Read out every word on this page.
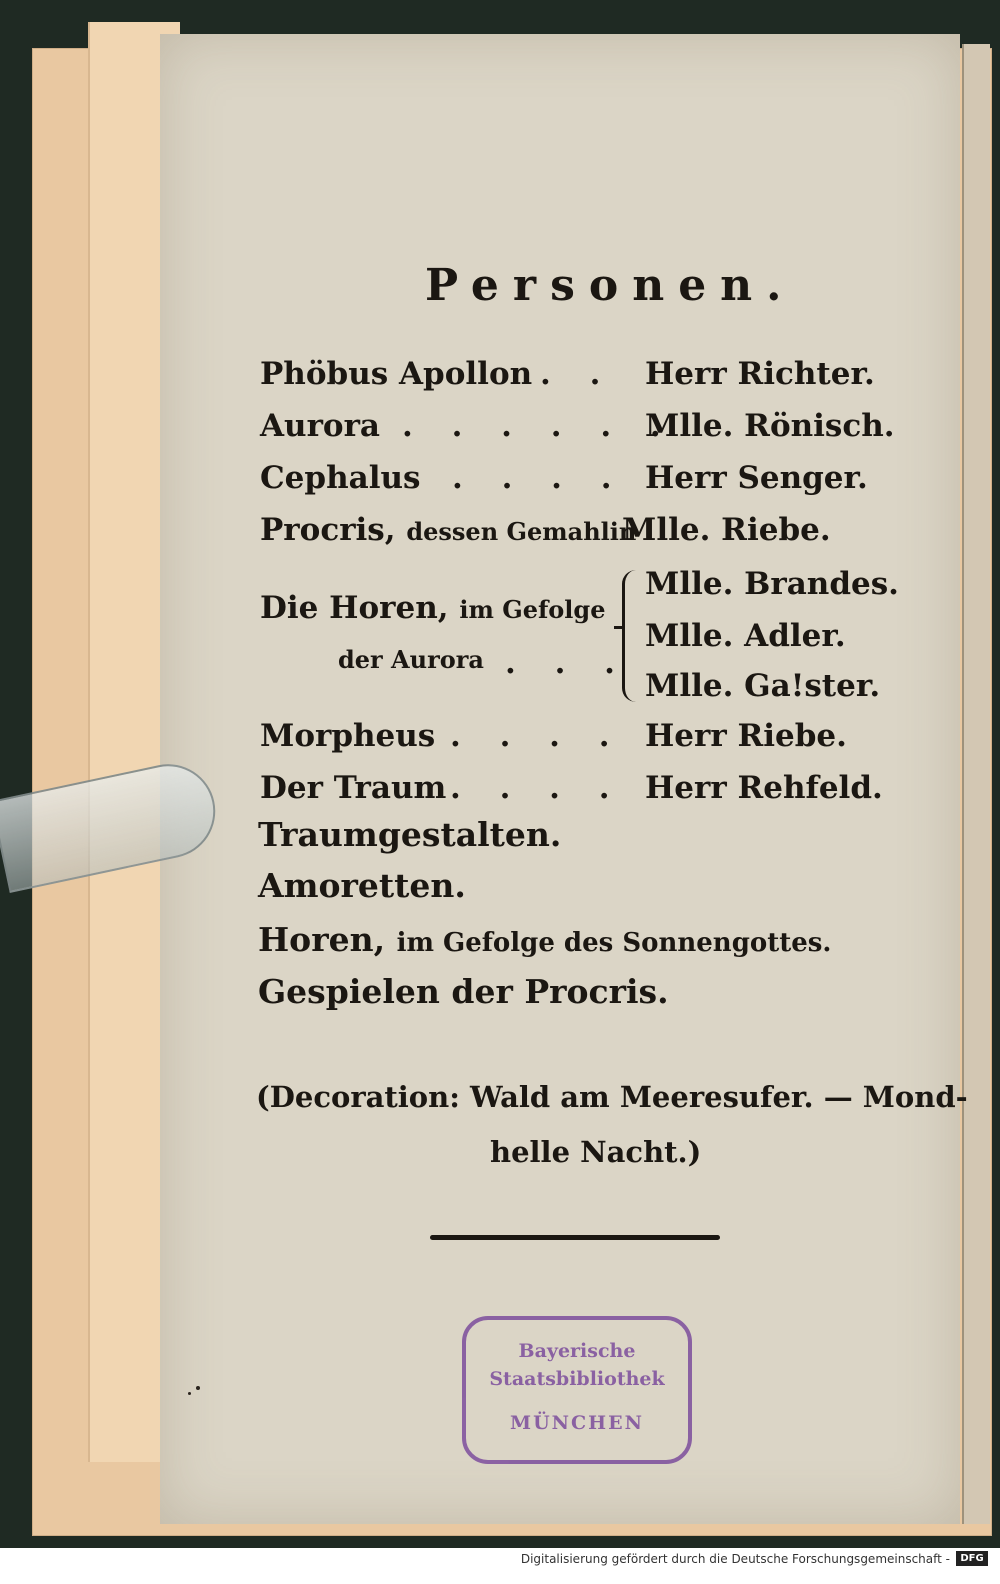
Personen.
Phöbus Apollon . . Herr Richter.
Aurora . . . . . .
Mlle. Rönisch.
Cephalus . . . . Herr Senger.
Procris, dessen Gemahlin
Mlle. Riebe.
Die Horen, im Gefolge
der Aurora . . .
Mlle. Brandes.
Mlle. Adler.
Mlle. Ga!ster.
Morpheus . . . . Herr Riebe.
Der Traum . . . . Herr Rehfeld.
Traumgestalten.
Amoretten.
Horen, im Gefolge des Sonnengottes.
Gespielen der Procris.
(Decoration: Wald am Meeresufer. — Mond-
helle Nacht.)
Bayerische
Staatsbibliothek
MÜNCHEN
Digitalisierung gefördert durch die Deutsche Forschungsgemeinschaft -	DFG
